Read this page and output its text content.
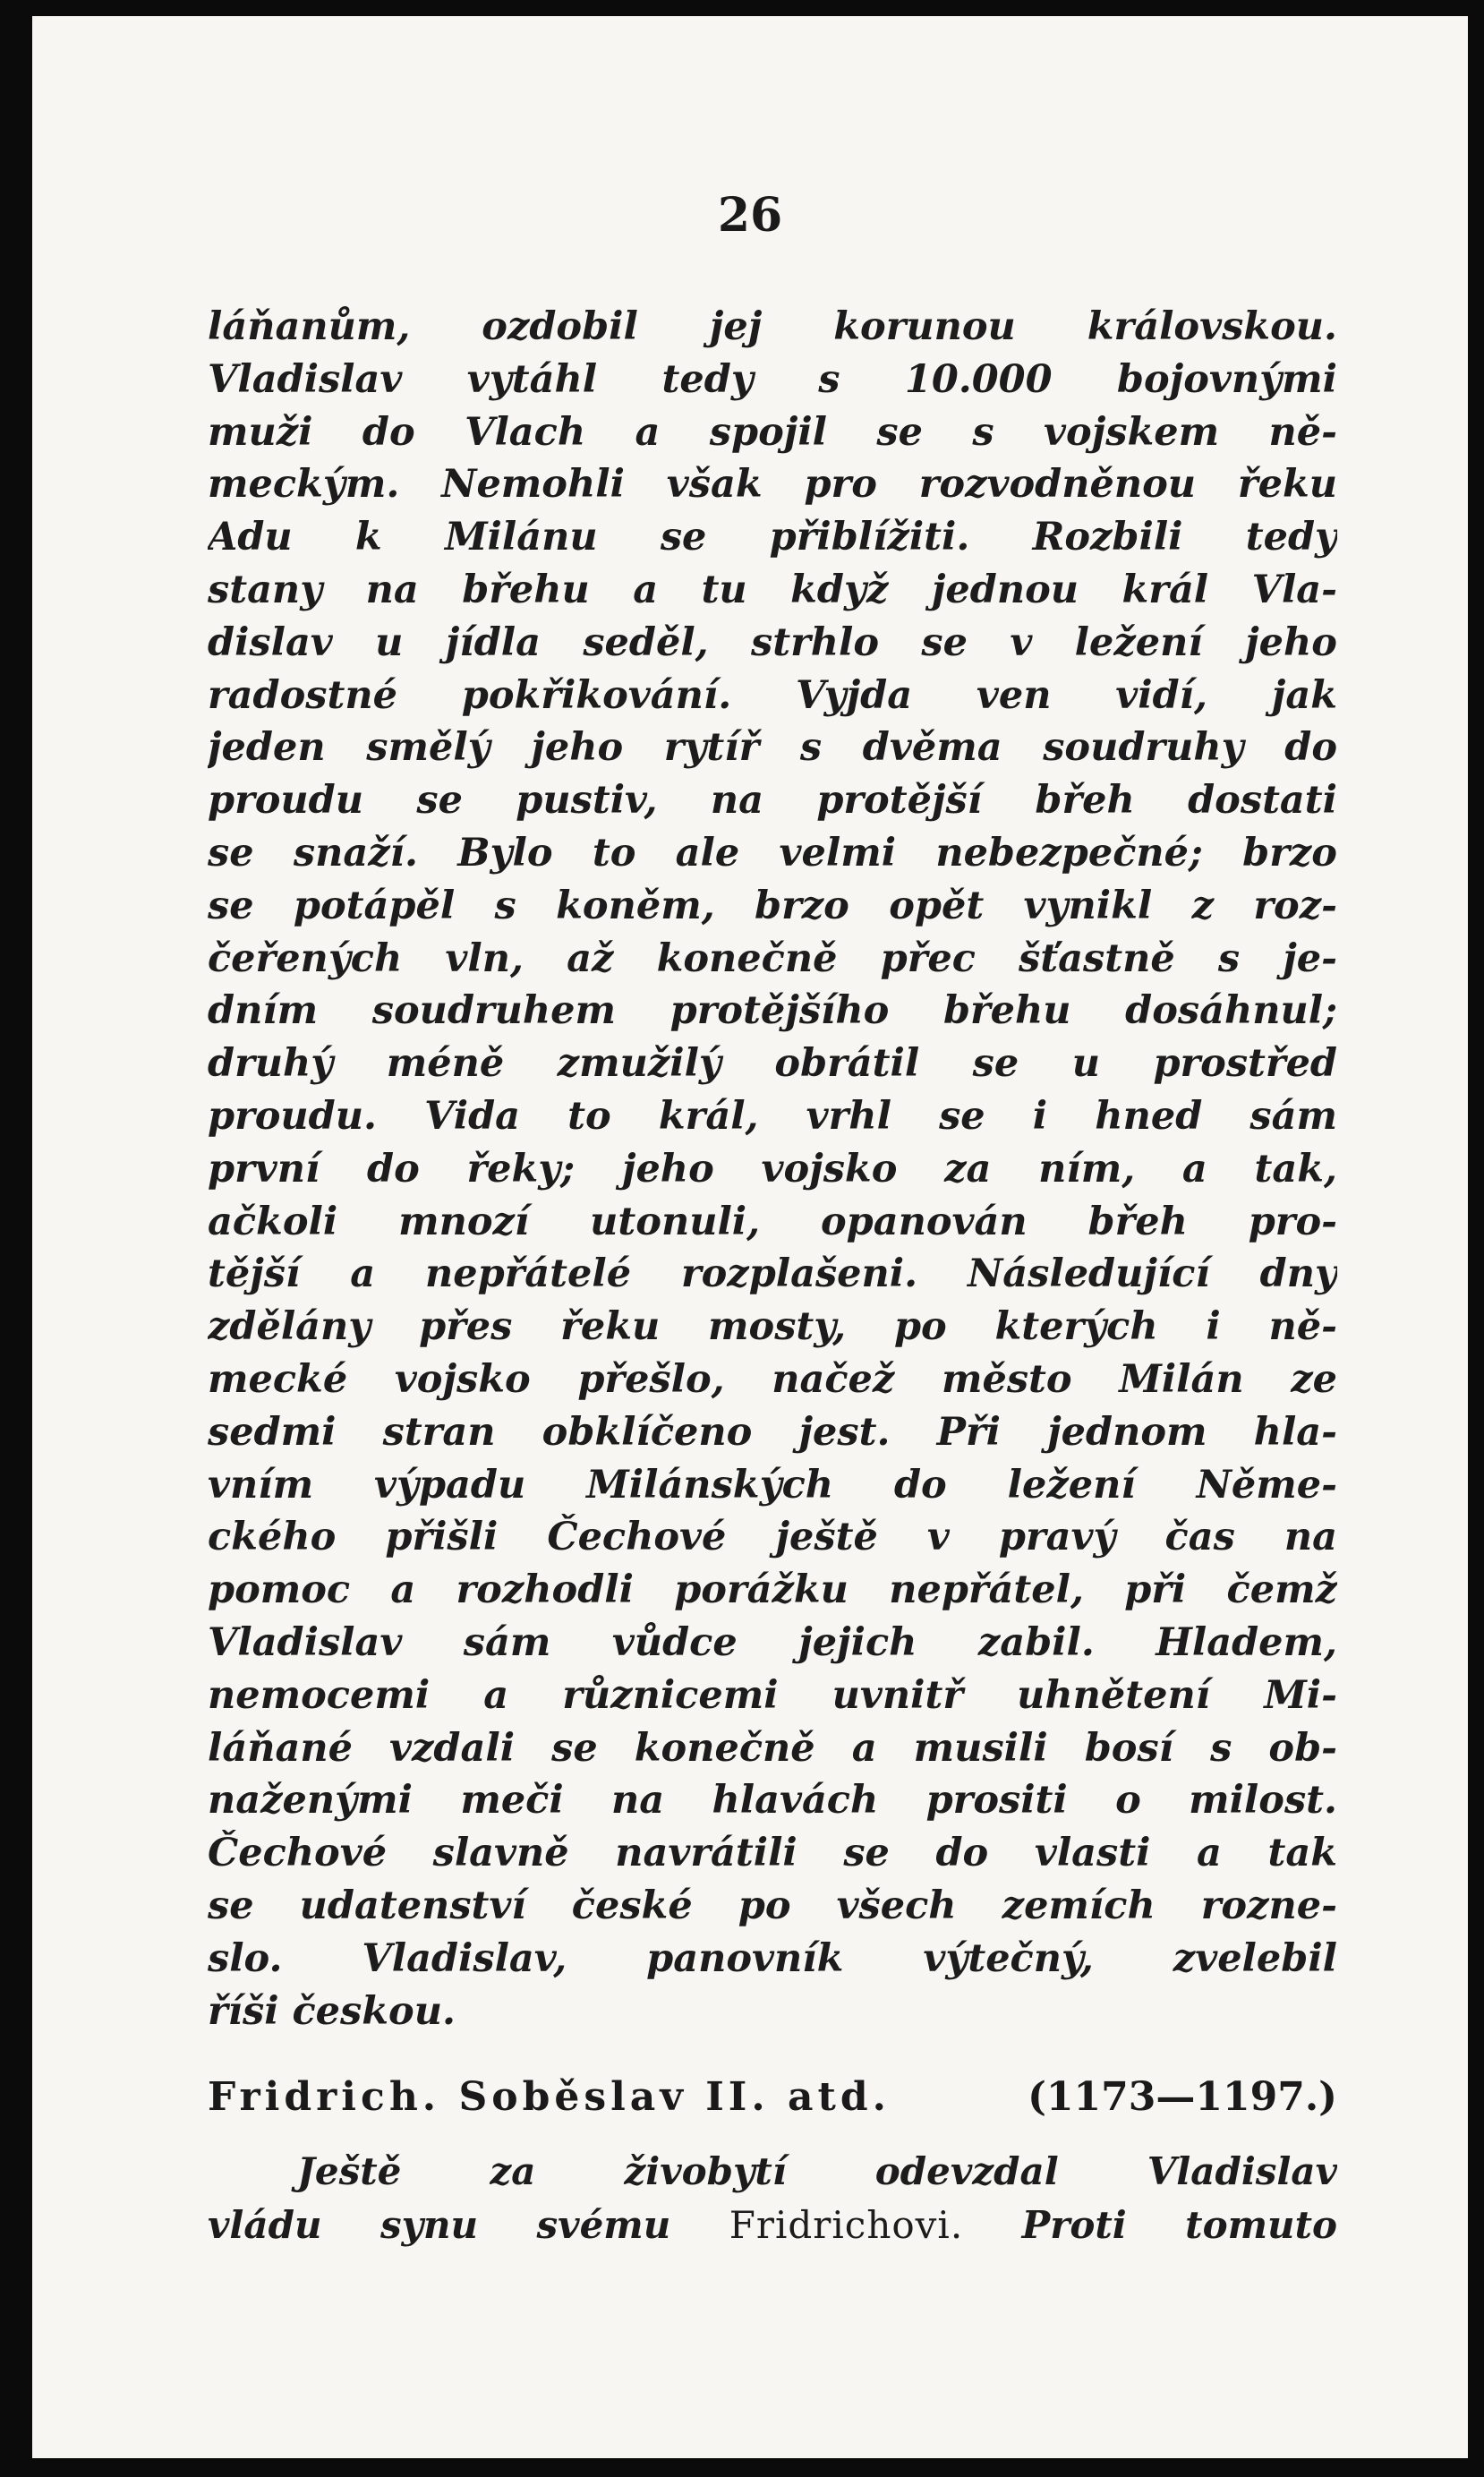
26
láňanům, ozdobil jej korunou královskou.
Vladislav vytáhl tedy s 10.000 bojovnými
muži do Vlach a spojil se s vojskem ně-
meckým. Nemohli však pro rozvodněnou řeku
Adu k Milánu se přiblížiti. Rozbili tedy
stany na břehu a tu když jednou král Vla-
dislav u jídla seděl, strhlo se v ležení jeho
radostné pokřikování. Vyjda ven vidí, jak
jeden smělý jeho rytíř s dvěma soudruhy do
proudu se pustiv, na protější břeh dostati
se snaží. Bylo to ale velmi nebezpečné; brzo
se potápěl s koněm, brzo opět vynikl z roz-
čeřených vln, až konečně přec šťastně s je-
dním soudruhem protějšího břehu dosáhnul;
druhý méně zmužilý obrátil se u prostřed
proudu. Vida to král, vrhl se i hned sám
první do řeky; jeho vojsko za ním, a tak,
ačkoli mnozí utonuli, opanován břeh pro-
tější a nepřátelé rozplašeni. Následující dny
zdělány přes řeku mosty, po kterých i ně-
mecké vojsko přešlo, načež město Milán ze
sedmi stran obklíčeno jest. Při jednom hla-
vním výpadu Milánských do ležení Něme-
ckého přišli Čechové ještě v pravý čas na
pomoc a rozhodli porážku nepřátel, při čemž
Vladislav sám vůdce jejich zabil. Hladem,
nemocemi a různicemi uvnitř uhnětení Mi-
láňané vzdali se konečně a musili bosí s ob-
naženými meči na hlavách prositi o milost.
Čechové slavně navrátili se do vlasti a tak
se udatenství české po všech zemích rozne-
slo. Vladislav, panovník výtečný, zvelebil
říši českou.
Fridrich. Soběslav II. atd.	(1173—1197.)
Ještě za živobytí odevzdal Vladislav
vládu synu svému Fridrichovi. Proti tomuto
